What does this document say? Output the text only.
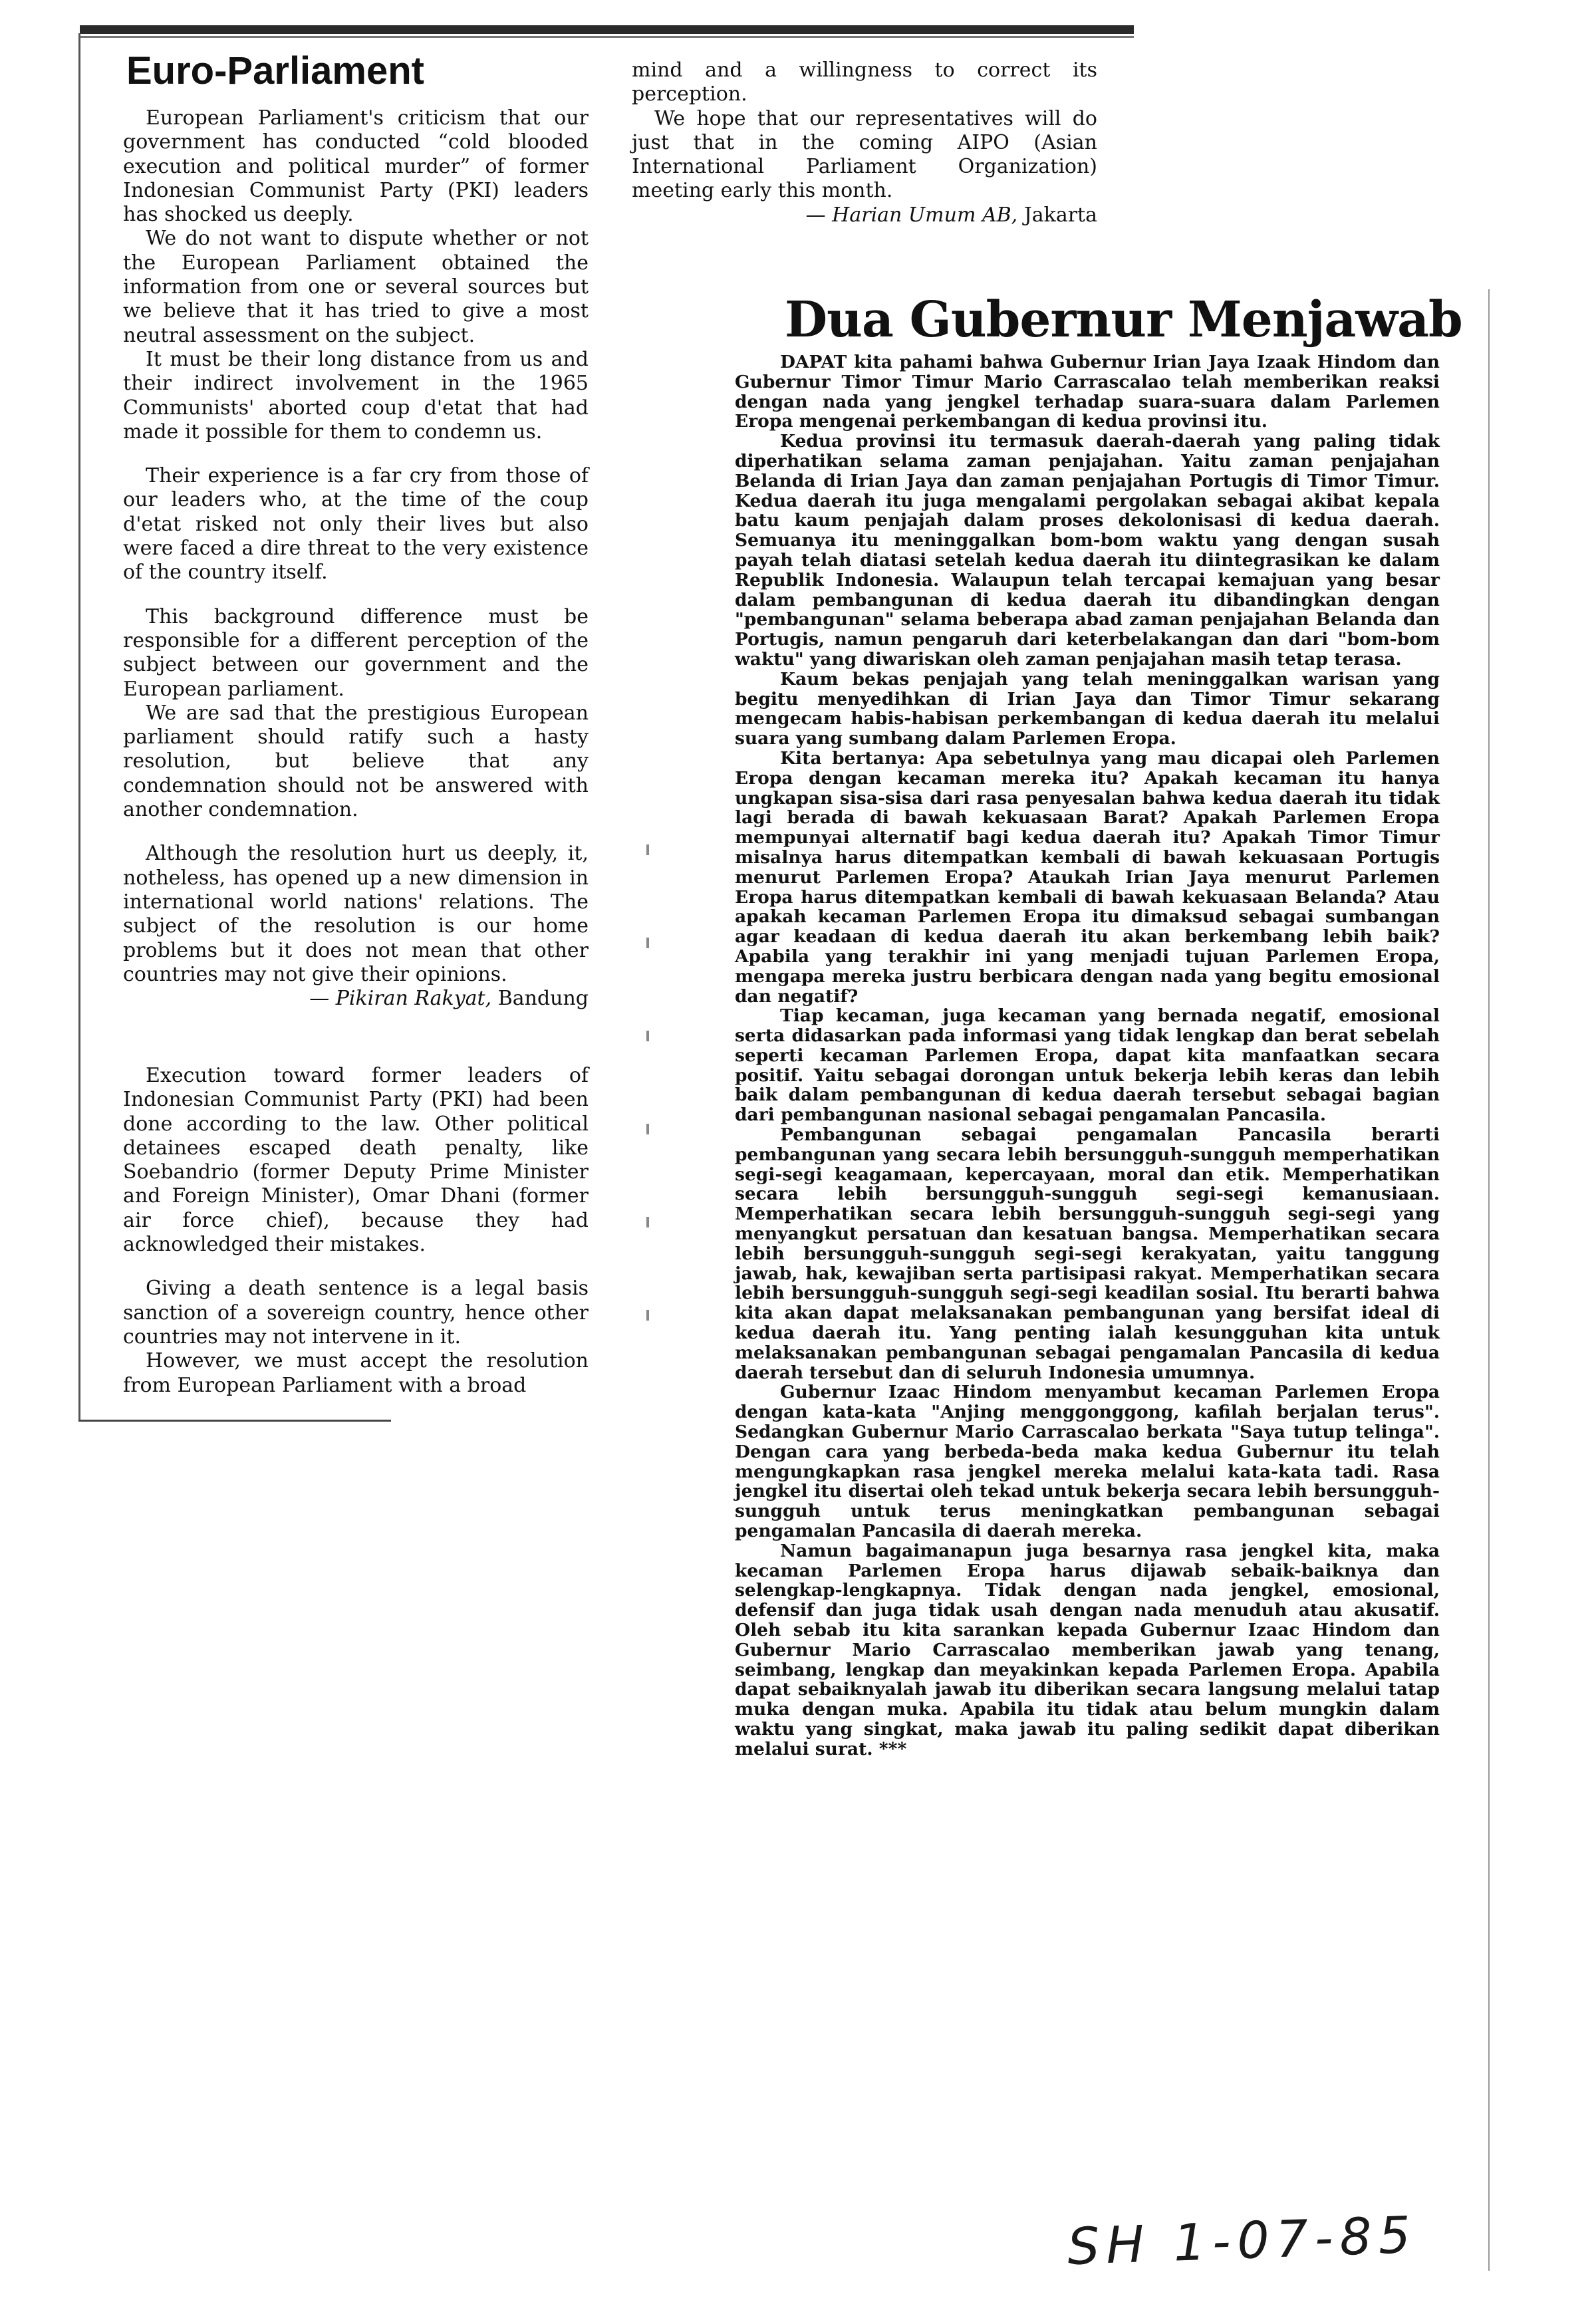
Euro-Parliament

European Parliament's criticism that our government has conducted “cold blooded execution and political murder” of former Indonesian Communist Party (PKI) leaders has shocked us deeply.

We do not want to dispute whether or not the European Parliament obtained the information from one or several sources but we believe that it has tried to give a most neutral assessment on the subject.

It must be their long distance from us and their indirect involvement in the 1965 Communists' aborted coup d'etat that had made it possible for them to condemn us.

Their experience is a far cry from those of our leaders who, at the time of the coup d'etat risked not only their lives but also were faced a dire threat to the very existence of the country itself.

This background difference must be responsible for a different perception of the subject between our government and the European parliament.

We are sad that the prestigious European parliament should ratify such a hasty resolution, but believe that any condemnation should not be answered with another condemnation.

Although the resolution hurt us deeply, it, notheless, has opened up a new dimension in international world nations' relations. The subject of the resolution is our home problems but it does not mean that other countries may not give their opinions.

— Pikiran Rakyat, Bandung

Execution toward former leaders of Indonesian Communist Party (PKI) had been done according to the law. Other political detainees escaped death penalty, like Soebandrio (former Deputy Prime Minister and Foreign Minister), Omar Dhani (former air force chief), because they had acknowledged their mistakes.

Giving a death sentence is a legal basis sanction of a sovereign country, hence other countries may not intervene in it.

However, we must accept the resolution from European Parliament with a broad

mind and a willingness to correct its perception.

We hope that our representatives will do just that in the coming AIPO (Asian International Parliament Organization) meeting early this month.

— Harian Umum AB, Jakarta

Dua Gubernur Menjawab

DAPAT kita pahami bahwa Gubernur Irian Jaya Izaak Hindom dan Gubernur Timor Timur Mario Carrascalao telah memberikan reaksi dengan nada yang jengkel terhadap suara-suara dalam Parlemen Eropa mengenai perkembangan di kedua provinsi itu.

Kedua provinsi itu termasuk daerah-daerah yang paling tidak diperhatikan selama zaman penjajahan. Yaitu zaman penjajahan Belanda di Irian Jaya dan zaman penjajahan Portugis di Timor Timur. Kedua daerah itu juga mengalami pergolakan sebagai akibat kepala batu kaum penjajah dalam proses dekolonisasi di kedua daerah. Semuanya itu meninggalkan bom-bom waktu yang dengan susah payah telah diatasi setelah kedua daerah itu diintegrasikan ke dalam Republik Indonesia. Walaupun telah tercapai kemajuan yang besar dalam pembangunan di kedua daerah itu dibandingkan dengan "pembangunan" selama beberapa abad zaman penjajahan Belanda dan Portugis, namun pengaruh dari keterbelakangan dan dari "bom-bom waktu" yang diwariskan oleh zaman penjajahan masih tetap terasa.

Kaum bekas penjajah yang telah meninggalkan warisan yang begitu menyedihkan di Irian Jaya dan Timor Timur sekarang mengecam habis-habisan perkembangan di kedua daerah itu melalui suara yang sumbang dalam Parlemen Eropa.

Kita bertanya: Apa sebetulnya yang mau dicapai oleh Parlemen Eropa dengan kecaman mereka itu? Apakah kecaman itu hanya ungkapan sisa-sisa dari rasa penyesalan bahwa kedua daerah itu tidak lagi berada di bawah kekuasaan Barat? Apakah Parlemen Eropa mempunyai alternatif bagi kedua daerah itu? Apakah Timor Timur misalnya harus ditempatkan kembali di bawah kekuasaan Portugis menurut Parlemen Eropa? Ataukah Irian Jaya menurut Parlemen Eropa harus ditempatkan kembali di bawah kekuasaan Belanda? Atau apakah kecaman Parlemen Eropa itu dimaksud sebagai sumbangan agar keadaan di kedua daerah itu akan berkembang lebih baik? Apabila yang terakhir ini yang menjadi tujuan Parlemen Eropa, mengapa mereka justru berbicara dengan nada yang begitu emosional dan negatif?

Tiap kecaman, juga kecaman yang bernada negatif, emosional serta didasarkan pada informasi yang tidak lengkap dan berat sebelah seperti kecaman Parlemen Eropa, dapat kita manfaatkan secara positif. Yaitu sebagai dorongan untuk bekerja lebih keras dan lebih baik dalam pembangunan di kedua daerah tersebut sebagai bagian dari pembangunan nasional sebagai pengamalan Pancasila.

Pembangunan sebagai pengamalan Pancasila berarti pembangunan yang secara lebih bersungguh-sungguh memperhatikan segi-segi keagamaan, kepercayaan, moral dan etik. Memperhatikan secara lebih bersungguh-sungguh segi-segi kemanusiaan. Memperhatikan secara lebih bersungguh-sungguh segi-segi yang menyangkut persatuan dan kesatuan bangsa. Memperhatikan secara lebih bersungguh-sungguh segi-segi kerakyatan, yaitu tanggung jawab, hak, kewajiban serta partisipasi rakyat. Memperhatikan secara lebih bersungguh-sungguh segi-segi keadilan sosial. Itu berarti bahwa kita akan dapat melaksanakan pembangunan yang bersifat ideal di kedua daerah itu. Yang penting ialah kesungguhan kita untuk melaksanakan pembangunan sebagai pengamalan Pancasila di kedua daerah tersebut dan di seluruh Indonesia umumnya.

Gubernur Izaac Hindom menyambut kecaman Parlemen Eropa dengan kata-kata "Anjing menggonggong, kafilah berjalan terus". Sedangkan Gubernur Mario Carrascalao berkata "Saya tutup telinga". Dengan cara yang berbeda-beda maka kedua Gubernur itu telah mengungkapkan rasa jengkel mereka melalui kata-kata tadi. Rasa jengkel itu disertai oleh tekad untuk bekerja secara lebih bersungguh-sungguh untuk terus meningkatkan pembangunan sebagai pengamalan Pancasila di daerah mereka.

Namun bagaimanapun juga besarnya rasa jengkel kita, maka kecaman Parlemen Eropa harus dijawab sebaik-baiknya dan selengkap-lengkapnya. Tidak dengan nada jengkel, emosional, defensif dan juga tidak usah dengan nada menuduh atau akusatif. Oleh sebab itu kita sarankan kepada Gubernur Izaac Hindom dan Gubernur Mario Carrascalao memberikan jawab yang tenang, seimbang, lengkap dan meyakinkan kepada Parlemen Eropa. Apabila dapat sebaiknyalah jawab itu diberikan secara langsung melalui tatap muka dengan muka. Apabila itu tidak atau belum mungkin dalam waktu yang singkat, maka jawab itu paling sedikit dapat diberikan melalui surat. ***

SH 1-07-85
